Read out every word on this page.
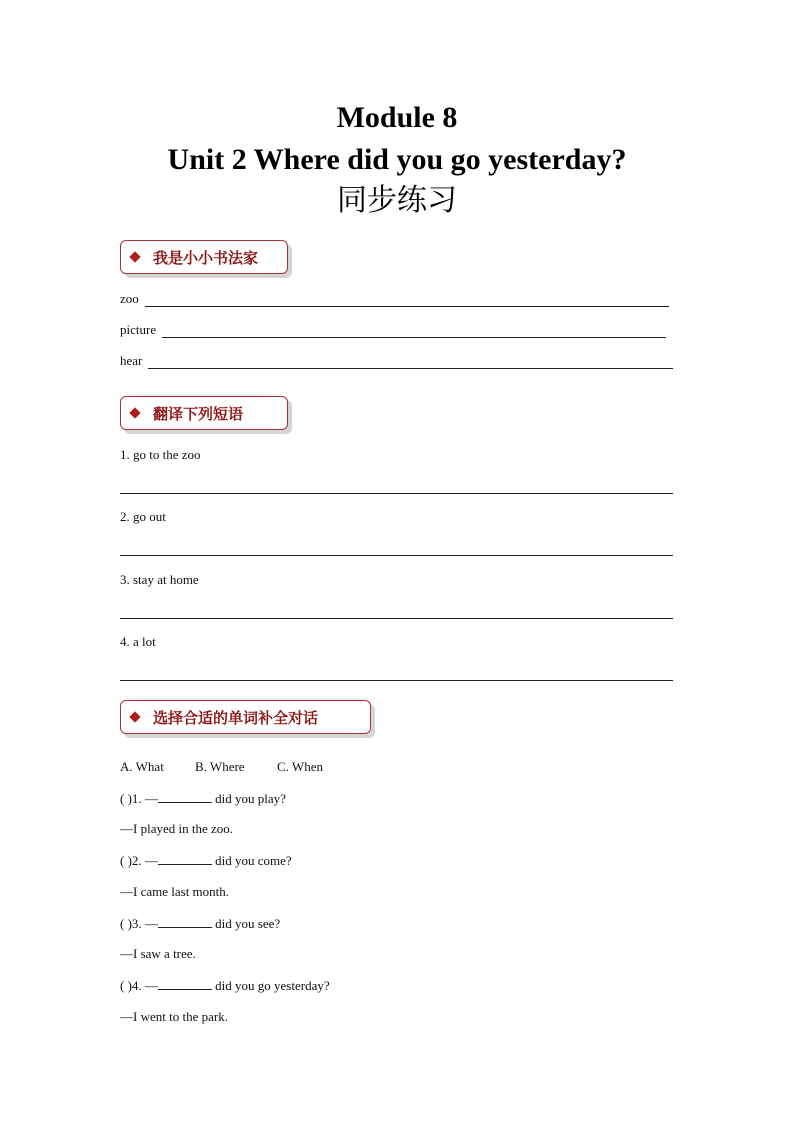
Module 8
Unit 2 Where did you go yesterday?
同步练习
我是小小书法家
zoo
picture
hear
翻译下列短语
1. go to the zoo
2. go out
3. stay at home
4. a lot
选择合适的单词补全对话
A. What B. Where C. When
( )1. —	did you play?
—I played in the zoo.
( )2. —	did you come?
—I came last month.
( )3. —	did you see?
—I saw a tree.
( )4. —	did you go yesterday?
—I went to the park.
